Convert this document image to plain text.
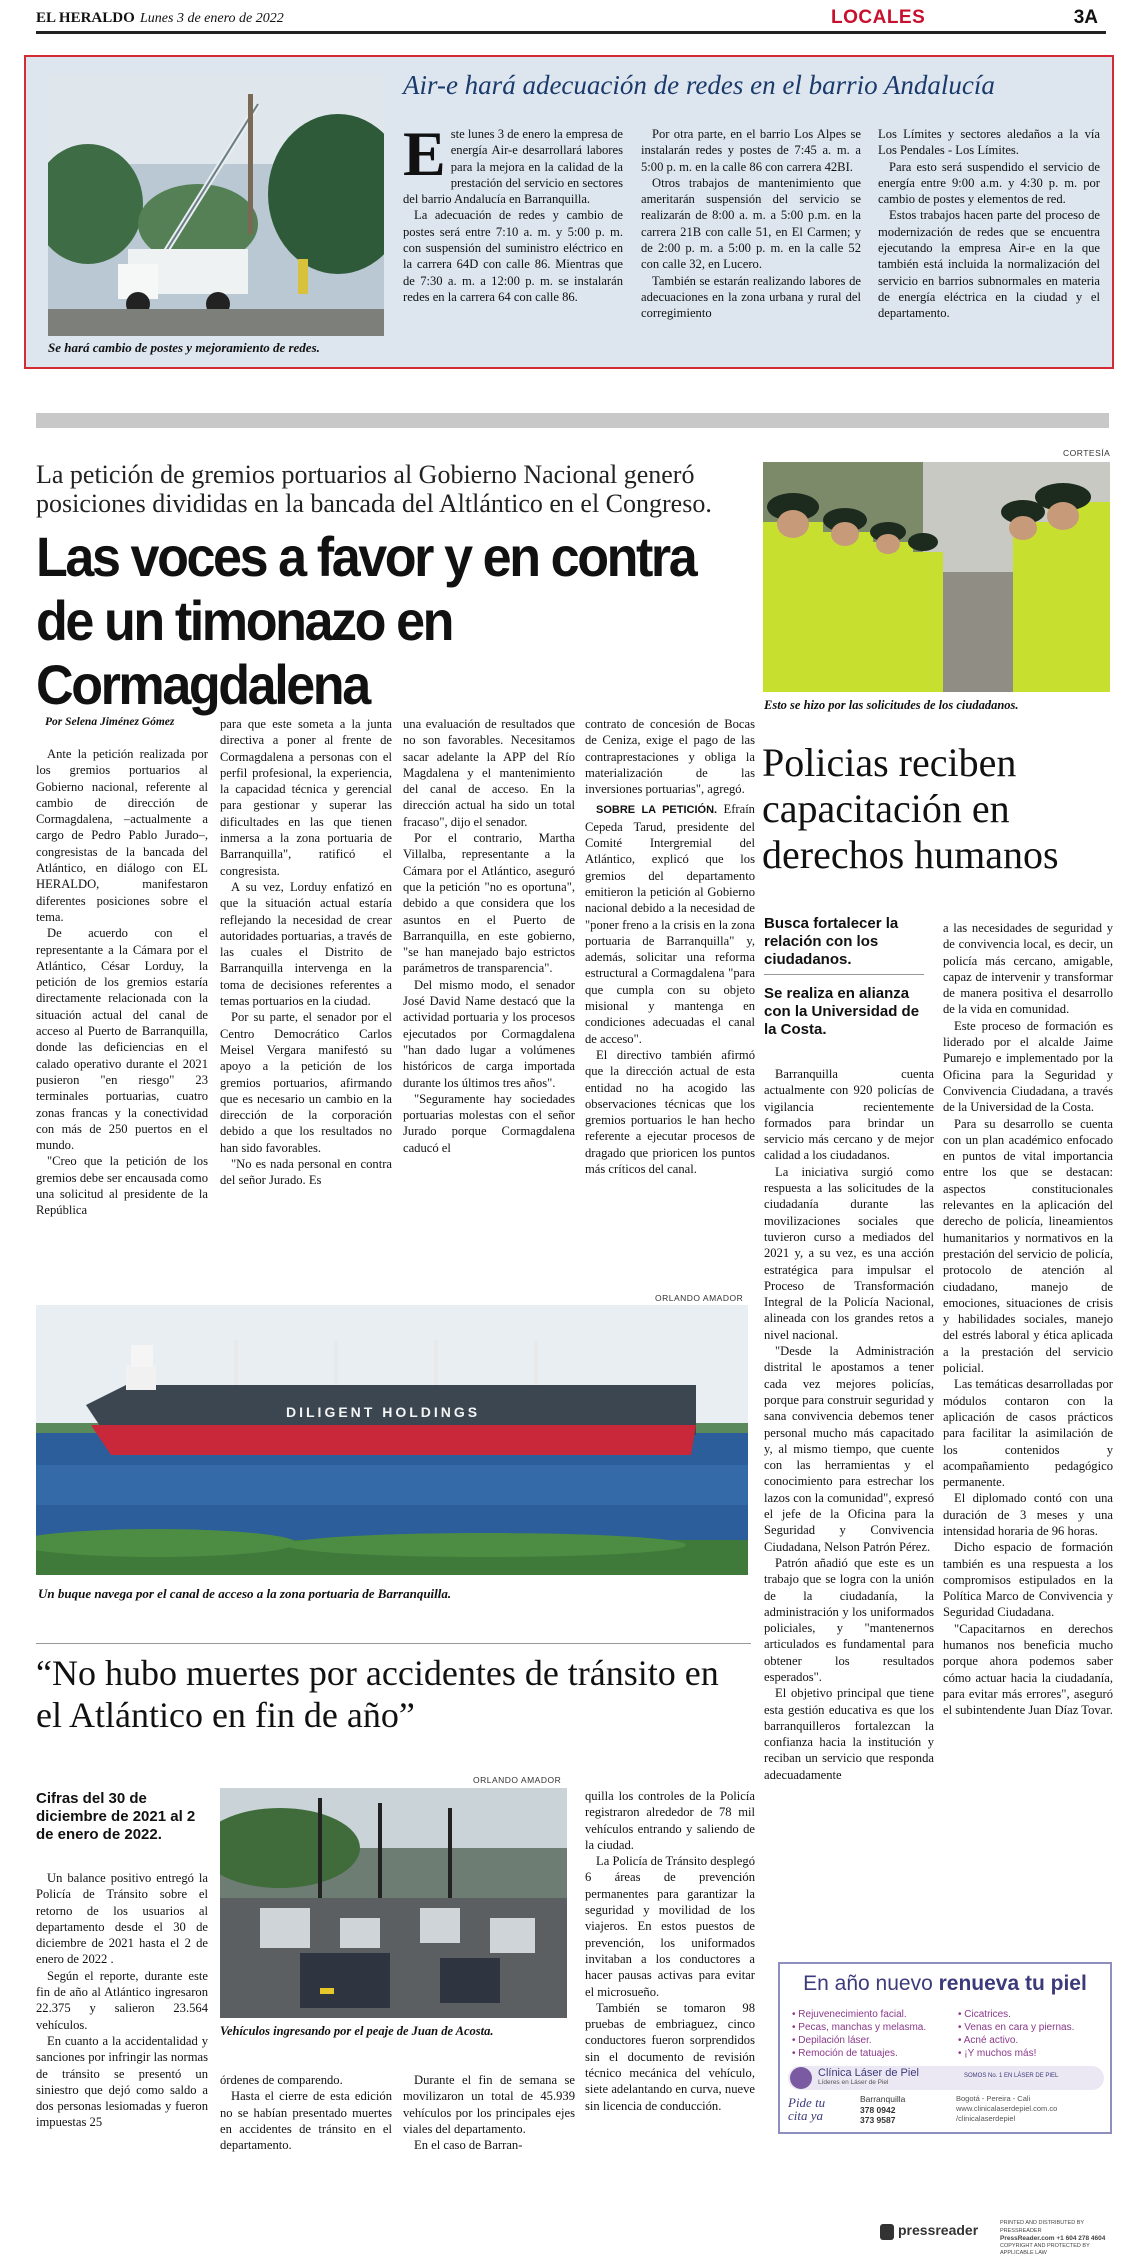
EL HERALDO Lunes 3 de enero de 2022	LOCALES	3A
Se hará cambio de postes y mejoramiento de redes.
Air-e hará adecuación de redes en el barrio Andalucía
E ste lunes 3 de enero la empresa de energía Air-e desarrollará labores para la mejora en la calidad de la prestación del servicio en sectores del barrio Andalucía en Barranquilla.

La adecuación de redes y cambio de postes será entre 7:10 a. m. y 5:00 p. m. con suspensión del suministro eléctrico en la carrera 64D con calle 86. Mientras que de 7:30 a. m. a 12:00 p. m. se instalarán redes en la carrera 64 con calle 86.

Por otra parte, en el barrio Los Alpes se instalarán redes y postes de 7:45 a. m. a 5:00 p. m. en la calle 86 con carrera 42BI.

Otros trabajos de mantenimiento que ameritarán suspensión del servicio se realizarán de 8:00 a. m. a 5:00 p.m. en la carrera 21B con calle 51, en El Carmen; y de 2:00 p. m. a 5:00 p. m. en la calle 52 con calle 32, en Lucero.

También se estarán realizando labores de adecuaciones en la zona urbana y rural del corregimiento

Los Límites y sectores aledaños a la vía Los Pendales - Los Límites.

Para esto será suspendido el servicio de energía entre 9:00 a.m. y 4:30 p. m. por cambio de postes y elementos de red.

Estos trabajos hacen parte del proceso de modernización de redes que se encuentra ejecutando la empresa Air-e en la que también está incluida la normalización del servicio en barrios subnormales en materia de energía eléctrica en la ciudad y el departamento.

La petición de gremios portuarios al Gobierno Nacional generó posiciones divididas en la bancada del Altlántico en el Congreso.
Las voces a favor y en contra de un timonazo en Cormagdalena
Por Selena Jiménez Gómez

Ante la petición realizada por los gremios portuarios al Gobierno nacional, referente al cambio de dirección de Cormagdalena, –actualmente a cargo de Pedro Pablo Jurado–, congresistas de la bancada del Atlántico, en diálogo con EL HERALDO, manifestaron diferentes posiciones sobre el tema.

De acuerdo con el representante a la Cámara por el Atlántico, César Lorduy, la petición de los gremios estaría directamente relacionada con la situación actual del canal de acceso al Puerto de Barranquilla, donde las deficiencias en el calado operativo durante el 2021 pusieron "en riesgo" 23 terminales portuarias, cuatro zonas francas y la conectividad con más de 250 puertos en el mundo.

"Creo que la petición de los gremios debe ser encausada como una solicitud al presidente de la República

para que este someta a la junta directiva a poner al frente de Cormagdalena a personas con el perfil profesional, la experiencia, la capacidad técnica y gerencial para gestionar y superar las dificultades en las que tienen inmersa a la zona portuaria de Barranquilla", ratificó el congresista.

A su vez, Lorduy enfatizó en que la situación actual estaría reflejando la necesidad de crear autoridades portuarias, a través de las cuales el Distrito de Barranquilla intervenga en la toma de decisiones referentes a temas portuarios en la ciudad.

Por su parte, el senador por el Centro Democrático Carlos Meisel Vergara manifestó su apoyo a la petición de los gremios portuarios, afirmando que es necesario un cambio en la dirección de la corporación debido a que los resultados no han sido favorables.

"No es nada personal en contra del señor Jurado. Es

una evaluación de resultados que no son favorables. Necesitamos sacar adelante la APP del Río Magdalena y el mantenimiento del canal de acceso. En la dirección actual ha sido un total fracaso", dijo el senador.

Por el contrario, Martha Villalba, representante a la Cámara por el Atlántico, aseguró que la petición "no es oportuna", debido a que considera que los asuntos en el Puerto de Barranquilla, en este gobierno, "se han manejado bajo estrictos parámetros de transparencia".

Del mismo modo, el senador José David Name destacó que la actividad portuaria y los procesos ejecutados por Cormagdalena "han dado lugar a volúmenes históricos de carga importada durante los últimos tres años".

"Seguramente hay sociedades portuarias molestas con el señor Jurado porque Cormagdalena caducó el

contrato de concesión de Bocas de Ceniza, exige el pago de las contraprestaciones y obliga la materialización de las inversiones portuarias", agregó.

SOBRE LA PETICIÓN. Efraín Cepeda Tarud, presidente del Comité Intergremial del Atlántico, explicó que los gremios del departamento emitieron la petición al Gobierno nacional debido a la necesidad de "poner freno a la crisis en la zona portuaria de Barranquilla" y, además, solicitar una reforma estructural a Cormagdalena "para que cumpla con su objeto misional y mantenga en condiciones adecuadas el canal de acceso".

El directivo también afirmó que la dirección actual de esta entidad no ha acogido las observaciones técnicas que los gremios portuarios le han hecho referente a ejecutar procesos de dragado que prioricen los puntos más críticos del canal.

ORLANDO AMADOR
DILIGENT HOLDINGS
Un buque navega por el canal de acceso a la zona portuaria de Barranquilla.
CORTESÍA
Esto se hizo por las solicitudes de los ciudadanos.
Policias reciben capacitación en derechos humanos
Busca fortalecer la relación con los ciudadanos.
Se realiza en alianza con la Universidad de la Costa.

Barranquilla cuenta actualmente con 920 policías de vigilancia recientemente formados para brindar un servicio más cercano y de mejor calidad a los ciudadanos.

La iniciativa surgió como respuesta a las solicitudes de la ciudadanía durante las movilizaciones sociales que tuvieron curso a mediados del 2021 y, a su vez, es una acción estratégica para impulsar el Proceso de Transformación Integral de la Policía Nacional, alineada con los grandes retos a nivel nacional.

"Desde la Administración distrital le apostamos a tener cada vez mejores policías, porque para construir seguridad y sana convivencia debemos tener personal mucho más capacitado y, al mismo tiempo, que cuente con las herramientas y el conocimiento para estrechar los lazos con la comunidad", expresó el jefe de la Oficina para la Seguridad y Convivencia Ciudadana, Nelson Patrón Pérez.

Patrón añadió que este es un trabajo que se logra con la unión de la ciudadanía, la administración y los uniformados policiales, y "mantenernos articulados es fundamental para obtener los resultados esperados".

El objetivo principal que tiene esta gestión educativa es que los barranquilleros fortalezcan la confianza hacia la institución y reciban un servicio que responda adecuadamente

a las necesidades de seguridad y de convivencia local, es decir, un policía más cercano, amigable, capaz de intervenir y transformar de manera positiva el desarrollo de la vida en comunidad.

Este proceso de formación es liderado por el alcalde Jaime Pumarejo e implementado por la Oficina para la Seguridad y Convivencia Ciudadana, a través de la Universidad de la Costa.

Para su desarrollo se cuenta con un plan académico enfocado en puntos de vital importancia entre los que se destacan: aspectos constitucionales relevantes en la aplicación del derecho de policía, lineamientos humanitarios y normativos en la prestación del servicio de policía, protocolo de atención al ciudadano, manejo de emociones, situaciones de crisis y habilidades sociales, manejo del estrés laboral y ética aplicada a la prestación del servicio policial.

Las temáticas desarrolladas por módulos contaron con la aplicación de casos prácticos para facilitar la asimilación de los contenidos y acompañamiento pedagógico permanente.

El diplomado contó con una duración de 3 meses y una intensidad horaria de 96 horas.

Dicho espacio de formación también es una respuesta a los compromisos estipulados en la Política Marco de Convivencia y Seguridad Ciudadana.

"Capacitarnos en derechos humanos nos beneficia mucho porque ahora podemos saber cómo actuar hacia la ciudadanía, para evitar más errores", aseguró el subintendente Juan Díaz Tovar.

“No hubo muertes por accidentes de tránsito en el Atlántico en fin de año”
Cifras del 30 de diciembre de 2021 al 2 de enero de 2022.

Un balance positivo entregó la Policía de Tránsito sobre el retorno de los usuarios al departamento desde el 30 de diciembre de 2021 hasta el 2 de enero de 2022 .

Según el reporte, durante este fin de año al Atlántico ingresaron 22.375 y salieron 23.564 vehículos.

En cuanto a la accidentalidad y sanciones por infringir las normas de tránsito se presentó un siniestro que dejó como saldo a dos personas lesiomadas y fueron impuestas 25

ORLANDO AMADOR
Vehículos ingresando por el peaje de Juan de Acosta.

órdenes de comparendo.

Hasta el cierre de esta edición no se habían presentado muertes en accidentes de tránsito en el departamento.

Durante el fin de semana se movilizaron un total de 45.939 vehículos por los principales ejes viales del departamento.

En el caso de Barran-

quilla los controles de la Policía registraron alrededor de 78 mil vehículos entrando y saliendo de la ciudad.

La Policía de Tránsito desplegó 6 áreas de prevención permanentes para garantizar la seguridad y movilidad de los viajeros. En estos puestos de prevención, los uniformados invitaban a los conductores a hacer pausas activas para evitar el microsueño.

También se tomaron 98 pruebas de embriaguez, cinco conductores fueron sorprendidos sin el documento de revisión técnico mecánica del vehículo, siete adelantando en curva, nueve sin licencia de conducción.

En año nuevo renueva tu piel
• Rejuvenecimiento facial.
• Pecas, manchas y melasma.
• Depilación láser.
• Remoción de tatuajes.
• Cicatrices.
• Venas en cara y piernas.
• Acné activo.
• ¡Y muchos más!
Clínica Láser de Piel
Líderes en Láser de Piel
SOMOS No. 1 EN LÁSER DE PIEL
Pide tu
cita ya
Barranquilla
378 0942
373 9587
Bogotá - Pereira - Cali
www.clinicalaserdepiel.com.co
/clinicalaserdepiel
pressreader	PRINTED AND DISTRIBUTED BY PRESSREADER
PressReader.com +1 604 278 4604
COPYRIGHT AND PROTECTED BY APPLICABLE LAW
